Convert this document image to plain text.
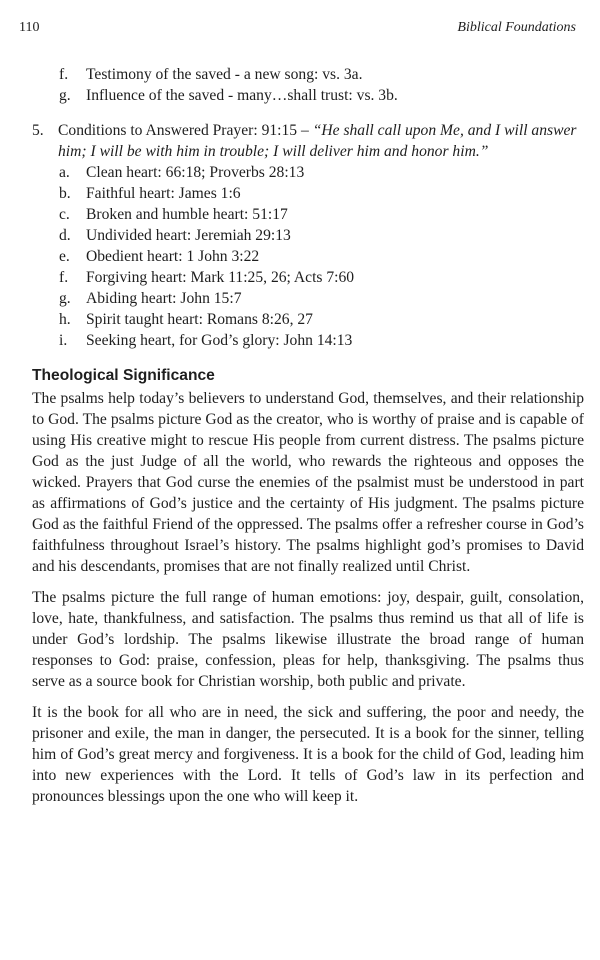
110	Biblical Foundations
f. Testimony of the saved - a new song: vs. 3a.
g. Influence of the saved - many…shall trust: vs. 3b.
5. Conditions to Answered Prayer: 91:15 – “He shall call upon Me, and I will answer him; I will be with him in trouble; I will deliver him and honor him.”
a. Clean heart: 66:18; Proverbs 28:13
b. Faithful heart: James 1:6
c. Broken and humble heart: 51:17
d. Undivided heart: Jeremiah 29:13
e. Obedient heart: 1 John 3:22
f. Forgiving heart: Mark 11:25, 26; Acts 7:60
g. Abiding heart: John 15:7
h. Spirit taught heart: Romans 8:26, 27
i. Seeking heart, for God’s glory: John 14:13
Theological Significance

The psalms help today’s believers to understand God, themselves, and their relationship to God. The psalms picture God as the creator, who is worthy of praise and is capable of using His creative might to rescue His people from current distress. The psalms picture God as the just Judge of all the world, who rewards the righteous and opposes the wicked. Prayers that God curse the enemies of the psalmist must be understood in part as affirmations of God’s justice and the certainty of His judgment. The psalms picture God as the faithful Friend of the oppressed. The psalms offer a refresher course in God’s faithfulness throughout Israel’s history. The psalms highlight god’s promises to David and his descendants, promises that are not finally realized until Christ.

The psalms picture the full range of human emotions: joy, despair, guilt, consolation, love, hate, thankfulness, and satisfaction. The psalms thus remind us that all of life is under God’s lordship. The psalms likewise illustrate the broad range of human responses to God: praise, confession, pleas for help, thanksgiving. The psalms thus serve as a source book for Christian worship, both public and private.

It is the book for all who are in need, the sick and suffering, the poor and needy, the prisoner and exile, the man in danger, the persecuted. It is a book for the sinner, telling him of God’s great mercy and forgiveness. It is a book for the child of God, leading him into new experiences with the Lord. It tells of God’s law in its perfection and pronounces blessings upon the one who will keep it.
